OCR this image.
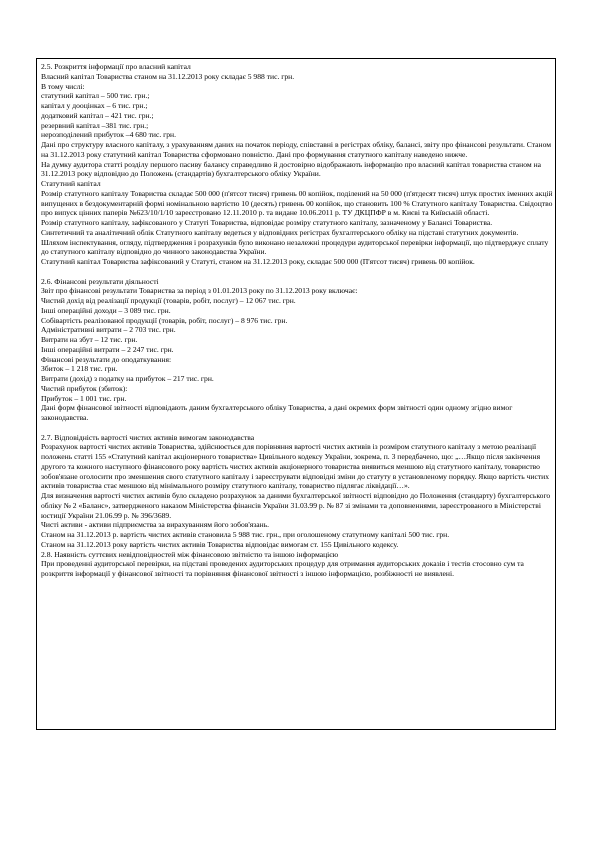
2.5. Розкриття інформації про власний капітал

Власний капітал Товариства станом на 31.12.2013 року складає 5 988 тис. грн.

В тому числі:

статутний капітал – 500 тис. грн.;

капітал у дооцінках – 6 тис. грн.;

додатковий капітал – 421 тис. грн.;

резервний капітал –381 тис. грн.;

нерозподілений прибуток –4 680 тис. грн.

Дані про структуру власного капіталу, з урахуванням даних на початок періоду, співставні в регістрах обліку, балансі, звіту про фінансові результати. Станом на 31.12.2013 року статутний капітал Товариства сформовано повністю. Дані про формування статутного капіталу наведено нижче.

На думку аудитора статті розділу першого пасиву балансу справедливо й достовірно відображають інформацію про власний капітал товариства станом на 31.12.2013 року відповідно до Положень (стандартів) бухгалтерського обліку України.

Статутний капітал

Розмір статутного капіталу Товариства складає 500 000 (п'ятсот тисяч) гривень 00 копійок, поділений на 50 000 (п'ятдесят тисяч) штук простих іменних акцій випущених в бездокументарній формі номінальною вартістю 10 (десять) гривень 00 копійок, що становить 100 % Статутного капіталу Товариства. Свідоцтво про випуск цінних паперів №623/10/1/10 зареєстровано 12.11.2010 р. та видане 10.06.2011 р. ТУ ДКЦПФР в м. Києві та Київській області.

Розмір статутного капіталу, зафіксованого у Статуті Товариства, відповідає розміру статутного капіталу, зазначеному у Балансі Товариства.

Синтетичний та аналітичний облік Статутного капіталу ведеться у відповідних регістрах бухгалтерського обліку на підставі статутних документів.

Шляхом інспектування, огляду, підтвердження і розрахунків було виконано незалежні процедури аудиторської перевірки інформації, що підтверджує сплату до статутного капіталу відповідно до чинного законодавства України.

Статутний капітал Товариства зафіксований у Статуті, станом на 31.12.2013 року, складає 500 000 (П'ятсот тисяч) гривень 00 копійок.

2.6. Фінансові результати діяльності

Звіт про фінансові результати Товариства за період з 01.01.2013 року по 31.12.2013 року включає:

Чистий дохід від реалізації продукції (товарів, робіт, послуг) – 12 067 тис. грн.

Інші операційні доходи – 3 089 тис. грн.

Собівартість реалізованої продукції (товарів, робіт, послуг) – 8 976 тис. грн.

Адміністративні витрати – 2 703 тис. грн.

Витрати на збут – 12 тис. грн.

Інші операційні витрати – 2 247 тис. грн.

Фінансові результати до оподаткування:

Збиток – 1 218 тис. грн.

Витрати (дохід) з податку на прибуток – 217 тис. грн.

Чистий прибуток (збиток):

Прибуток – 1 001 тис. грн.

Дані форм фінансової звітності відповідають даним бухгалтерського обліку Товариства, а дані окремих форм звітності один одному згідно вимог законодавства.

2.7. Відповідність вартості чистих активів вимогам законодавства

Розрахунок вартості чистих активів Товариства, здійснюється для порівняння вартості чистих активів із розміром статутного капіталу з метою реалізації положень статті 155 «Статутний капітал акціонерного товариства» Цивільного кодексу України, зокрема, п. 3 передбачено, що: „…Якщо після закінчення другого та кожного наступного фінансового року вартість чистих активів акціонерного товариства виявиться меншою від статутного капіталу, товариство зобов'язане оголосити про зменшення свого статутного капіталу і зареєструвати відповідні зміни до статуту в установленому порядку. Якщо вартість чистих активів товариства стає меншою від мінімального розміру статутного капіталу, товариство підлягає ліквідації…».

Для визначення вартості чистих активів було складено розрахунок за даними бухгалтерської звітності відповідно до Положення (стандарту) бухгалтерського обліку № 2 «Баланс», затвердженого наказом Міністерства фінансів України 31.03.99 р. № 87 зі змінами та доповненнями, зареєстрованого в Міністерстві юстиції України 21.06.99 р. № 396/3689.

Чисті активи - активи підприємства за вирахуванням його зобов'язань.

Станом на 31.12.2013 р. вартість чистих активів становила 5 988 тис. грн., при оголошеному статутному капіталі 500 тис. грн.

Станом на 31.12.2013 року вартість чистих активів Товариства відповідає вимогам ст. 155 Цивільного кодексу.

2.8. Наявність суттєвих невідповідностей між фінансовою звітністю та іншою інформацією

При проведенні аудиторської перевірки, на підставі проведених аудиторських процедур для отримання аудиторських доказів і тестів стосовно сум та розкриття інформації у фінансової звітності та порівняння фінансової звітності з іншою інформацією, розбіжності не виявлені.
